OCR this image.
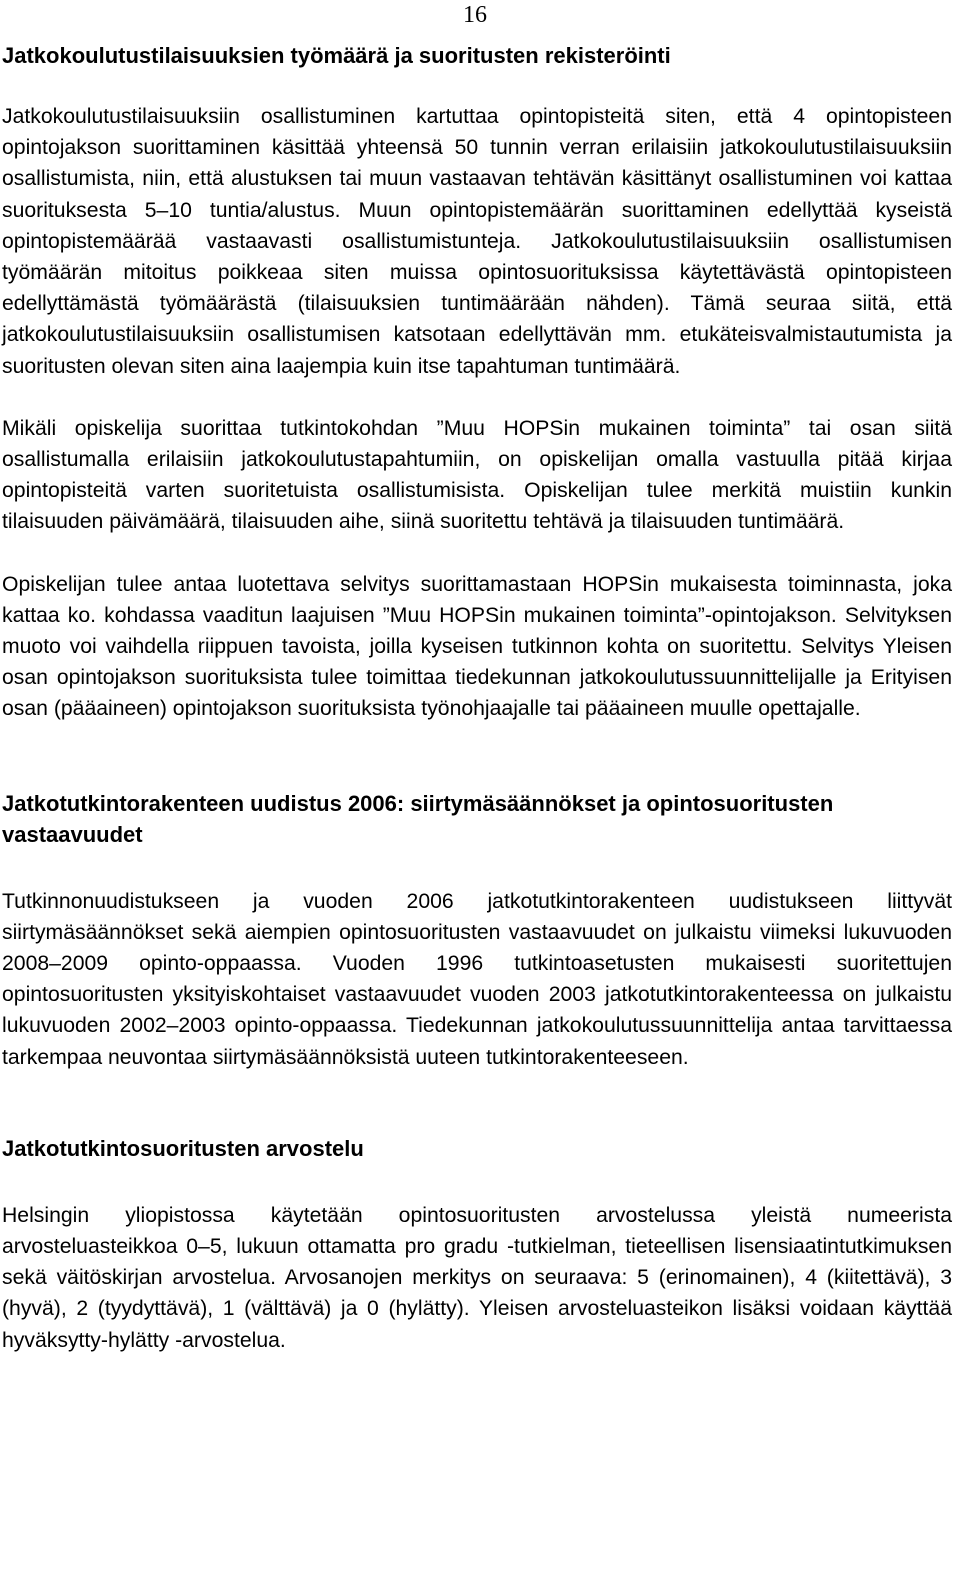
16
Jatkokoulutustilaisuuksien työmäärä ja suoritusten rekisteröinti

Jatkokoulutustilaisuuksiin osallistuminen kartuttaa opintopisteitä siten, että 4 opintopisteen opintojakson suorittaminen käsittää yhteensä 50 tunnin verran erilaisiin jatkokoulutustilaisuuksiin osallistumista, niin, että alustuksen tai muun vastaavan tehtävän käsittänyt osallistuminen voi kattaa suorituksesta 5–10 tuntia/alustus. Muun opintopistemäärän suorittaminen edellyttää kyseistä opintopistemäärää vastaavasti osallistumistunteja. Jatkokoulutustilaisuuksiin osallistumisen työmäärän mitoitus poikkeaa siten muissa opintosuorituksissa käytettävästä opintopisteen edellyttämästä työmäärästä (tilaisuuksien tuntimäärään nähden). Tämä seuraa siitä, että jatkokoulutustilaisuuksiin osallistumisen katsotaan edellyttävän mm. etukäteisvalmistautumista ja suoritusten olevan siten aina laajempia kuin itse tapahtuman tuntimäärä.

Mikäli opiskelija suorittaa tutkintokohdan ”Muu HOPSin mukainen toiminta” tai osan siitä osallistumalla erilaisiin jatkokoulutustapahtumiin, on opiskelijan omalla vastuulla pitää kirjaa opintopisteitä varten suoritetuista osallistumisista. Opiskelijan tulee merkitä muistiin kunkin tilaisuuden päivämäärä, tilaisuuden aihe, siinä suoritettu tehtävä ja tilaisuuden tuntimäärä.

Opiskelijan tulee antaa luotettava selvitys suorittamastaan HOPSin mukaisesta toiminnasta, joka kattaa ko. kohdassa vaaditun laajuisen ”Muu HOPSin mukainen toiminta”-opintojakson. Selvityksen muoto voi vaihdella riippuen tavoista, joilla kyseisen tutkinnon kohta on suoritettu. Selvitys Yleisen osan opintojakson suorituksista tulee toimittaa tiedekunnan jatkokoulutussuunnittelijalle ja Erityisen osan (pääaineen) opintojakson suorituksista työnohjaajalle tai pääaineen muulle opettajalle.

Jatkotutkintorakenteen uudistus 2006: siirtymäsäännökset ja opintosuoritusten vastaavuudet

Tutkinnonuudistukseen ja vuoden 2006 jatkotutkintorakenteen uudistukseen liittyvät siirtymäsäännökset sekä aiempien opintosuoritusten vastaavuudet on julkaistu viimeksi lukuvuoden 2008–2009 opinto-oppaassa. Vuoden 1996 tutkintoasetusten mukaisesti suoritettujen opintosuoritusten yksityiskohtaiset vastaavuudet vuoden 2003 jatkotutkintorakenteessa on julkaistu lukuvuoden 2002–2003 opinto-oppaassa. Tiedekunnan jatkokoulutussuunnittelija antaa tarvittaessa tarkempaa neuvontaa siirtymäsäännöksistä uuteen tutkintorakenteeseen.

Jatkotutkintosuoritusten arvostelu

Helsingin yliopistossa käytetään opintosuoritusten arvostelussa yleistä numeerista arvosteluasteikkoa 0–5, lukuun ottamatta pro gradu -tutkielman, tieteellisen lisensiaatintutkimuksen sekä väitöskirjan arvostelua. Arvosanojen merkitys on seuraava: 5 (erinomainen), 4 (kiitettävä), 3 (hyvä), 2 (tyydyttävä), 1 (välttävä) ja 0 (hylätty). Yleisen arvosteluasteikon lisäksi voidaan käyttää hyväksytty-hylätty -arvostelua.
